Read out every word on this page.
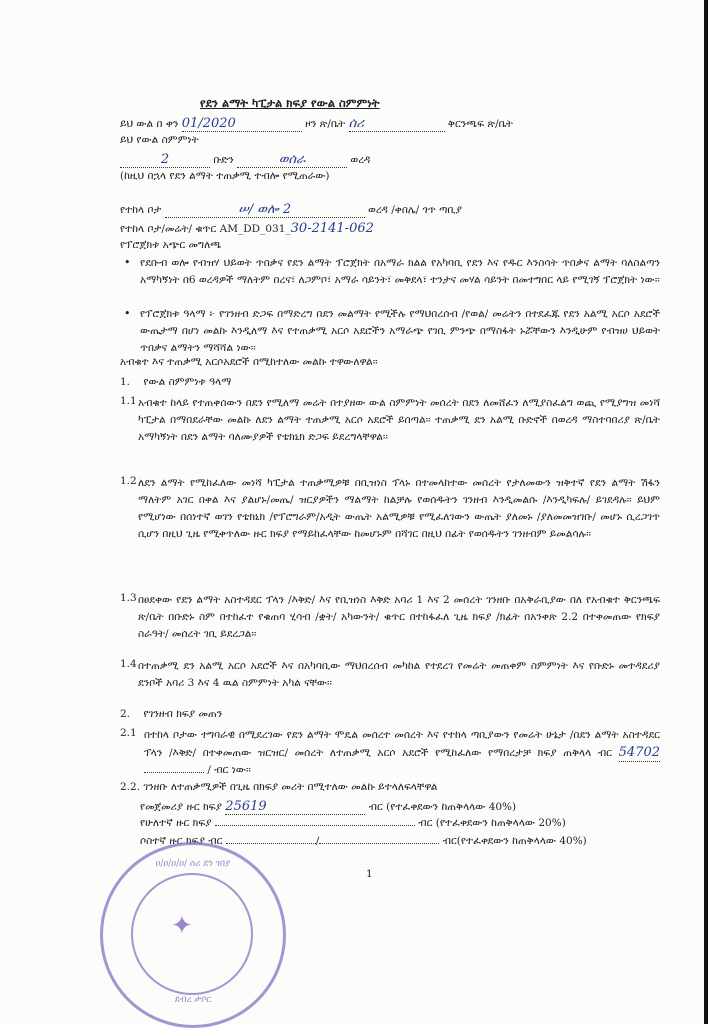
የደን ልማት ካፒታል ክፍያ የውል ስምምነት
ይህ ውል በ ቀን 01/2020	ዞን ጽ/ቤት ሰሪ	ቅርንጫፍ ጽ/ቤት
ይህ የውል ስምምነት
2	ቡድን	ወሰራ	ወረዳ
(ከዚህ በኋላ የደን ልማት ተጠቃሚ ተብሎ የሚጠራው)
የተከላ ቦታ	ሠ/ ወሎ 2	ወረዳ /ቀበሌ/ ጎጥ ጣቢያ
የተከላ ቦታ/መሬት/ ቁጥር AM_DD_031_30-2141-062
የፕሮጀክቱ አጭር መግለጫ
• የደቡብ ወሎ የብዝሃ ህይወት ጥበቃና የደን ልማት ፕሮጀክት በአማራ ክልል የአካባቢ የደን እና የዱር እንስሳት ጥበቃና ልማት ባለስልጣን አማካኝነት በ6 ወረዳዎች ማለትም በረና፣ ለጋምቦ፣ አማራ ሳይንት፣ መቅደላ፣ ተንታና መሃል ሳይንት በመተግበር ላይ የሚገኝ ፕሮጀክት ነው፡፡
• የፕሮጀክቱ ዓላማ ፦ የገንዘብ ድጋፍ በማድረግ በደን መልማት የሚችሉ የማህበረሰብ /የወል/ መሬትን በተደፈጁ የደን አልሚ አርሶ አደሮች ውጤታማ በሆነ መልኩ እንዲለማ እና የተጠቃሚ አርሶ አደሮችን አማራጭ የገቢ ምንጭ በማስፋት ኑሯቸውን እንዲሁም የብዝሀ ህይወት ጥበቃና ልማትን ማሻሻል ነው፡፡
አብቁተ እና ተጠቃሚ አርሶአደሮች በሚከተለው መልኩ ተዋውለዋል፡፡
1. የውል ስምምነቱ ዓላማ
1.1 አብቁተ ከላይ የተጠቀሰውን በደን የሚለማ መሬት በተያዘው ውል ስምምነት መሰረት በደን ለመሸፈን ለሚያስፈልግ ወጪ የሚያግዝ መነሻ ካፒታል በማበደራቸው መልኩ ለደን ልማት ተጠቃሚ አርሶ አደሮች ይሰጣል፡፡ ተጠቃሚ ደን አልሚ ቡድኖች በወረዳ ማስተባበሪያ ጽ/ቤት አማካኝነት በደን ልማት ባለሙያዎች የቴክኒክ ድጋፍ ይደረግላቸዋል፡፡
1.2 ለደን ልማት የሚከፈለው መነሻ ካፒታል ተጠቃሚዎቹ በቢዝነስ ፕላኑ በተመላከተው መሰረት የታለመውን ዝቅተኛ የደን ልማት ሽፋን ማለትም አገር በቀል እና ያልሆኑ/መጤ/ ዝርያዎችን ማልማት ከልቻሉ የወሰዱትን ገንዘብ እንዲመልሱ /እንዲካፍሉ/ ይገደዳሉ፡፡ ይህም የሚሆነው በሰነተኛ ወገን የቴክኒክ /የፕሮግራም/አዲት ውጤት አልሚዎቹ የሚፈለገውን ውጤት ያለመኑ /ያለመመዝገቡ/ መሆኑ ሲረጋገጥ ሲሆን በዚህ ጊዜ የሚቀጥለው ዙር ክፍያ የማይከፈላቸው ከመሆኑም በሻገር በዚህ በፊት የወሰዱትን ገንዘብም ይመልሳሉ፡፡
1.3 በፀደቀው የደን ልማት አስተዳደር ፕላን /እቅድ/ እና የቢዝነስ እቅድ አባሪ 1 እና 2 መሰረት ገንዘቡ በአቅራቢያው በለ የአብቁተ ቅርንጫፍ ጽ/ቤት በቡድኑ ስም በተከፈተ የቁጠባ ሂሳብ /ቋት/ አካውንት/ ቁጥር በተከፋፈለ ጊዜ ክፍያ /ክፊት በአንቀጽ 2.2 በተቀመጠው የክፍያ ስራዓት/ መሰረት ገቢ ይደረጋል፡፡
1.4 በተጠቃሚ ደን አልሚ አርሶ አደሮች እና በአካባቢው ማህበረሰብ መካከል የተደረገ የመሬት መጠቀም ስምምነት እና የቡድኑ መተዳደሪያ ደንቦች አባሪ 3 እና 4 ዉል ስምምነት አካል ናቸው፡፡
2. የገንዘብ ክፍያ መጠን
2.1 በተከላ ቦታው ተግባራዊ በሚደረገው የደን ልማት ሞዴል መሰረተ መሰረት እና የተከላ ጣቢያውን የመሬት ሁኔታ /በደን ልማት አስተዳደር ፕላን /እቅድ/ በተቀመጠው ዝርዝር/ መሰረት ለተጠቃሚ አርሶ አደሮች የሚከፈለው የማበረታቻ ክፍያ ጠቅላላ ብር 54702  / ብር ነው፡፡
2.2. ገንዘቡ ለተጠቃሚዎች በጊዜ በክፍያ መሪት በሚተለው መልኩ ይተላለፍላቸዋል
የመጀመሪያ ዙር ክፍያ 25619	ብር (የተፈቀደውን ከጠቅላላው 40%)
የሁለተኛ ዙር ክፍያ	ብር (የተፈቀደውን ከጠቅላላው 20%)
ሶስተኛ ዙር ክፍያ ብር	/	ብር(የተፈቀደውን ከጠቅላላው 40%)
1
ዐ/ዐ/ዐ/ዐ/ ሰሪ ደን ገበያ
✦
ደብረ ታቦር
